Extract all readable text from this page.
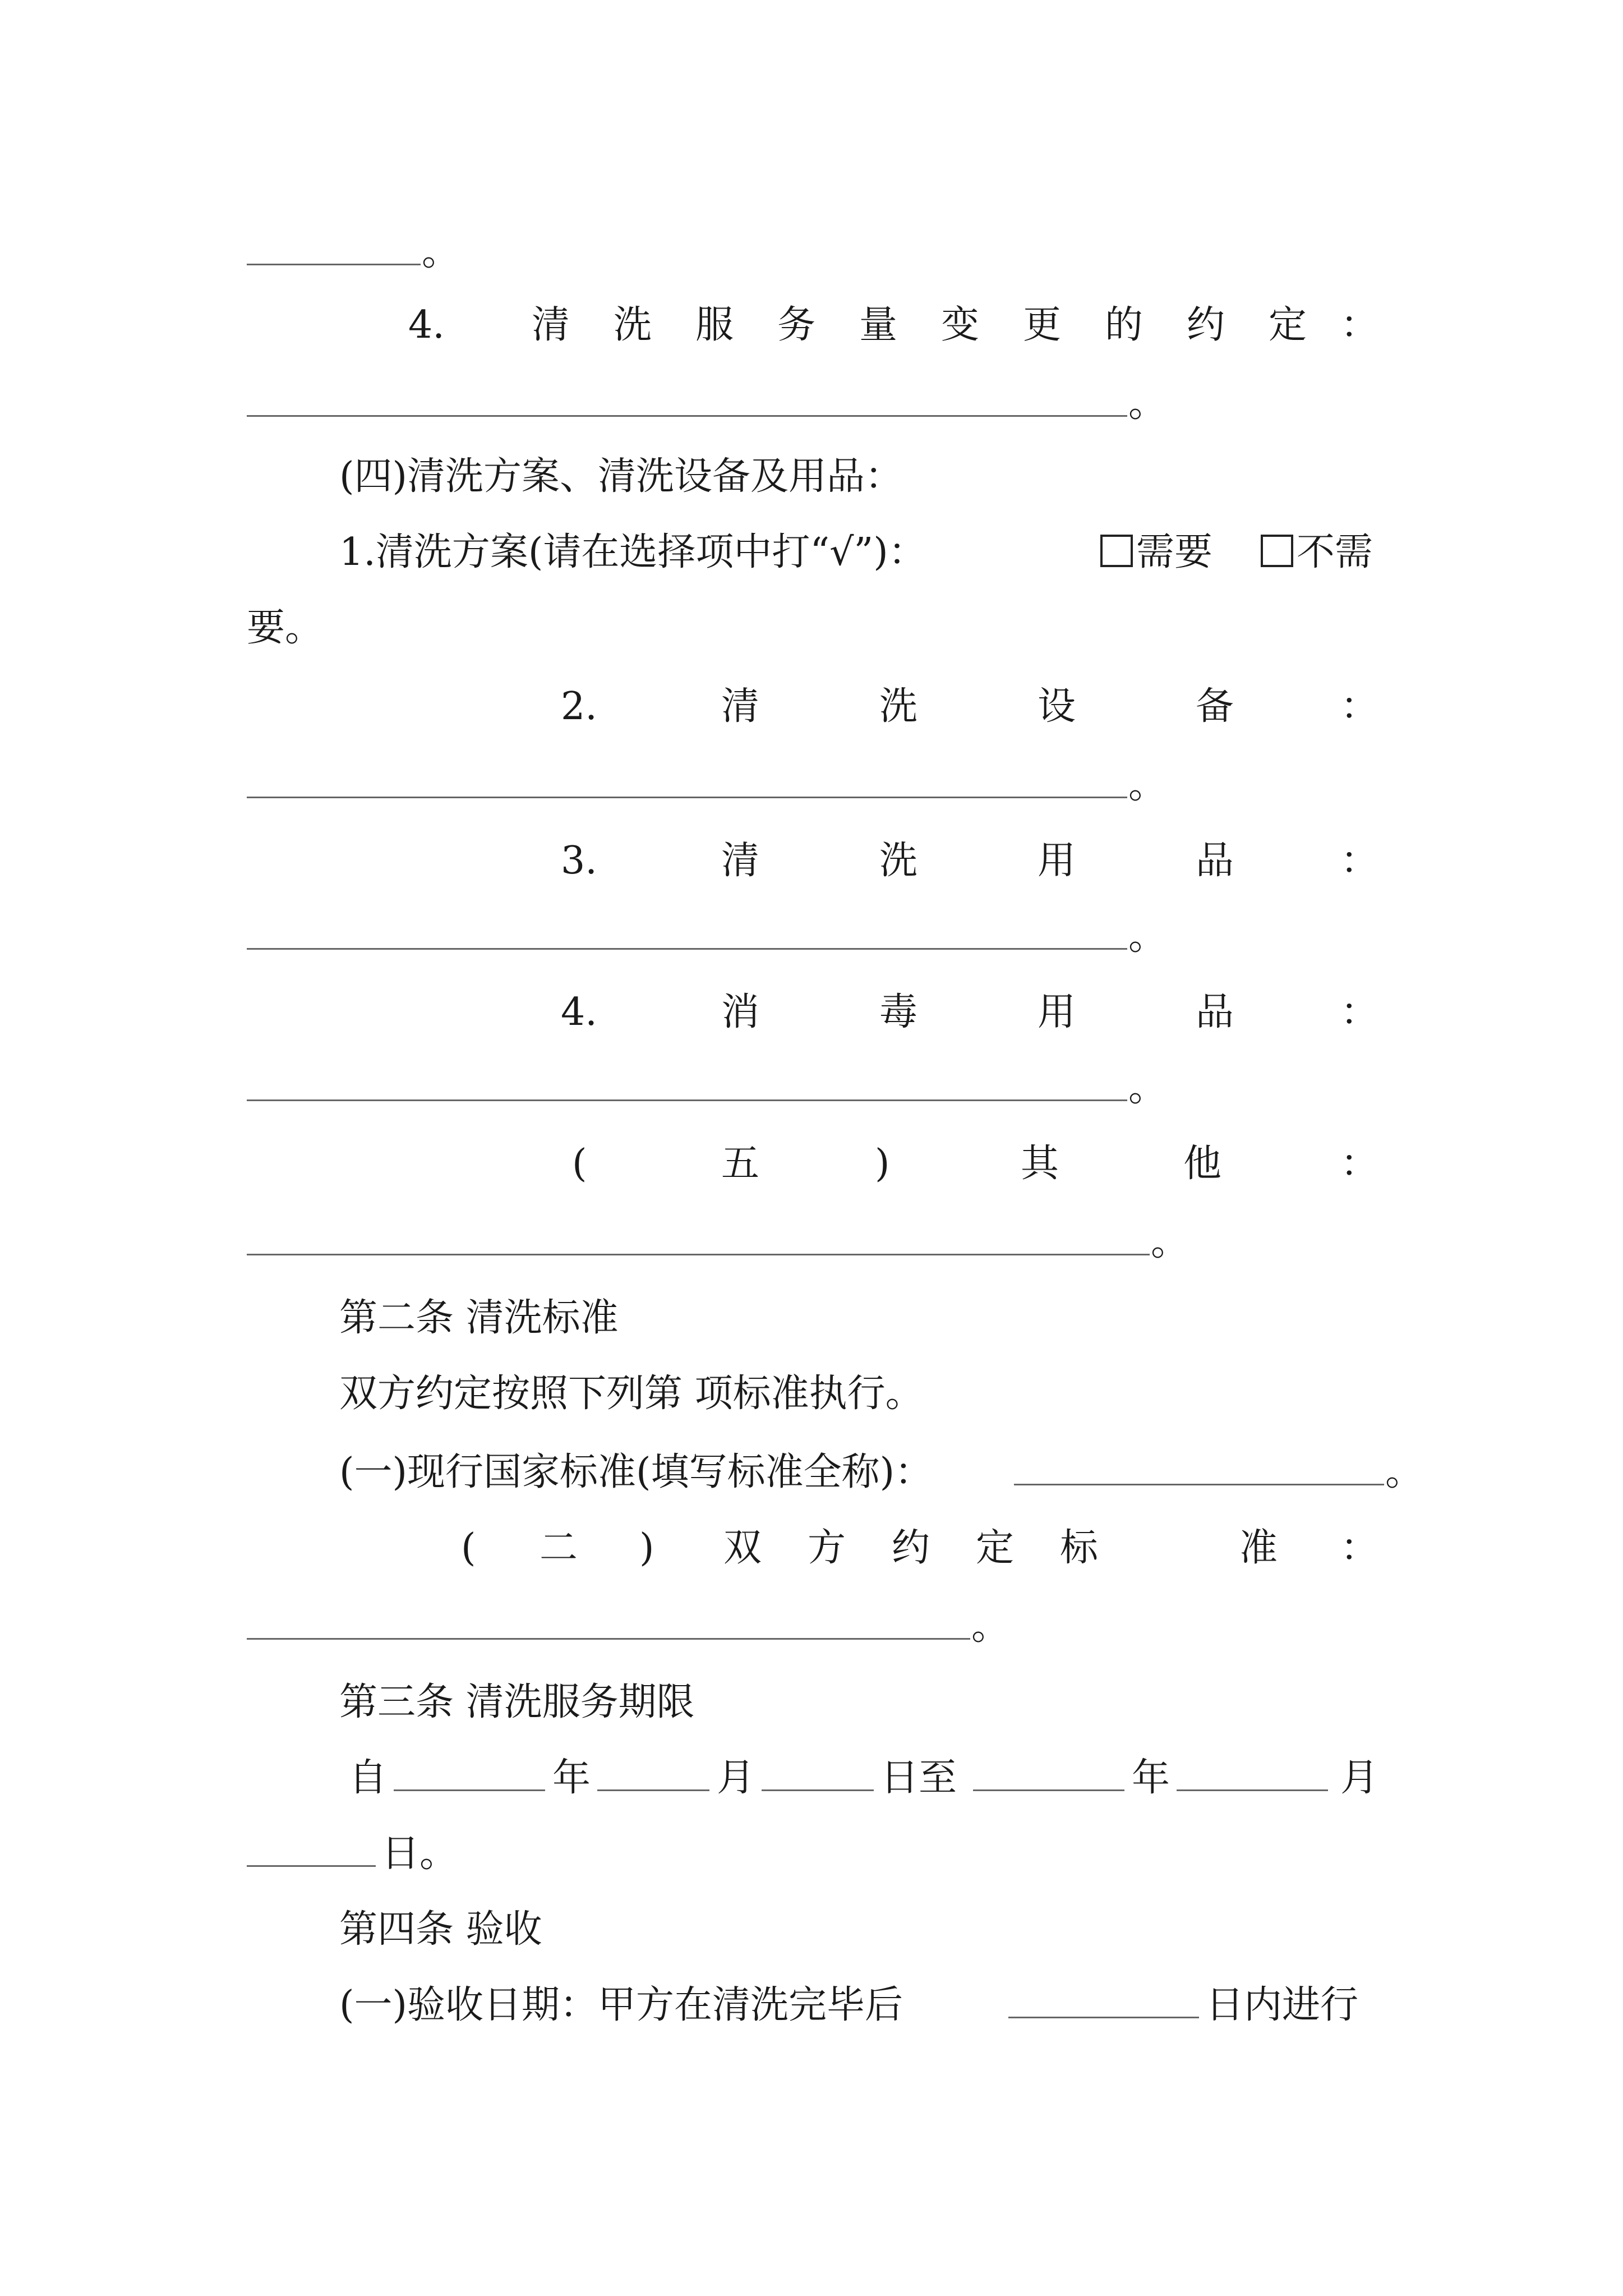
。
4. 清 洗 服 务 量 变 更 的 约 定 ：
。
(四)清洗方案、清洗设备及用品：
1.清洗方案(请在选择项中打“√”)：	需要	不需
要。
2.	清	洗	设	备	：
。
3.	清	洗	用	品	：
。
4.	消	毒	用	品	：
。
(	五	)	其	他	：
。
第二条 清洗标准
双方约定按照下列第 项标准执行。
(一)现行国家标准(填写标准全称)：	。
( 二 ) 双 方 约 定 标	准 ：
。
第三条 清洗服务期限
自	年	月	日至	年	月
日。
第四条 验收
(一)验收日期：甲方在清洗完毕后	日内进行
